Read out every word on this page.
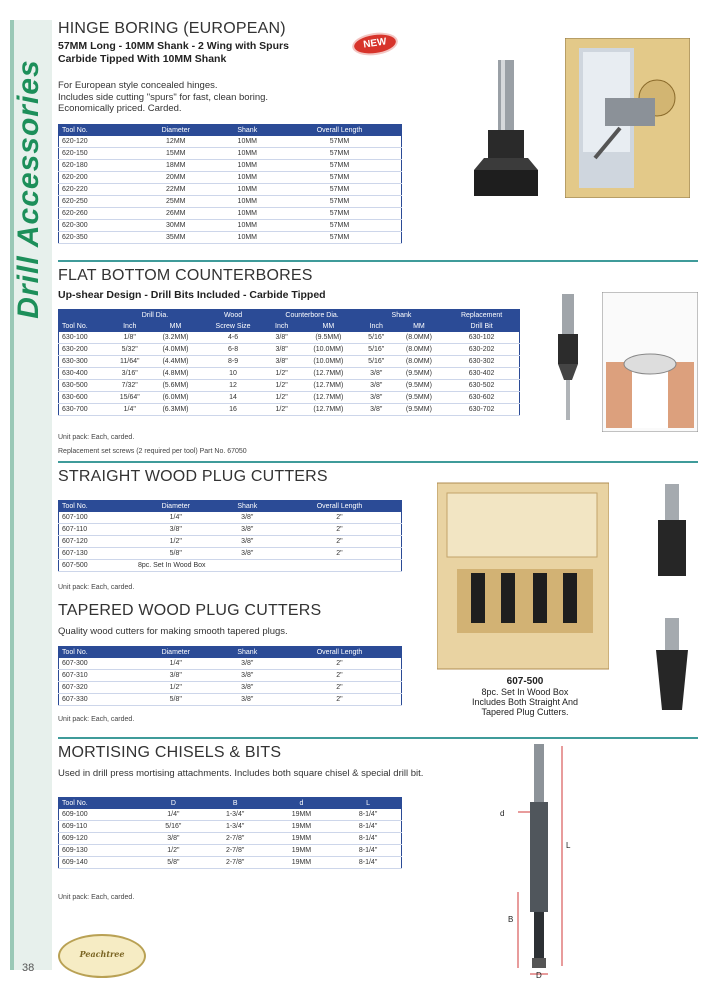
Drill Accessories
38
Peachtree
HINGE BORING (EUROPEAN)
NEW
57MM Long - 10MM Shank - 2 Wing with Spurs
Carbide Tipped With 10MM Shank
For European style concealed hinges.
Includes side cutting "spurs" for fast, clean boring.
Economically priced. Carded.
Tool No.	Diameter	Shank	Overall Length
620-120	12MM	10MM	57MM
620-150	15MM	10MM	57MM
620-180	18MM	10MM	57MM
620-200	20MM	10MM	57MM
620-220	22MM	10MM	57MM
620-250	25MM	10MM	57MM
620-260	26MM	10MM	57MM
620-300	30MM	10MM	57MM
620-350	35MM	10MM	57MM
FLAT BOTTOM COUNTERBORES
Up-shear Design - Drill Bits Included - Carbide Tipped
	Drill Dia.		Wood	Counterbore Dia.		Shank		Replacement
Tool No.	Inch	MM	Screw Size	Inch	MM	Inch	MM	Drill Bit
630-100	1/8"	(3.2MM)	4-6	3/8"	(9.5MM)	5/16"	(8.0MM)	630-102
630-200	5/32"	(4.0MM)	6-8	3/8"	(10.0MM)	5/16"	(8.0MM)	630-202
630-300	11/64"	(4.4MM)	8-9	3/8"	(10.0MM)	5/16"	(8.0MM)	630-302
630-400	3/16"	(4.8MM)	10	1/2"	(12.7MM)	3/8"	(9.5MM)	630-402
630-500	7/32"	(5.6MM)	12	1/2"	(12.7MM)	3/8"	(9.5MM)	630-502
630-600	15/64"	(6.0MM)	14	1/2"	(12.7MM)	3/8"	(9.5MM)	630-602
630-700	1/4"	(6.3MM)	16	1/2"	(12.7MM)	3/8"	(9.5MM)	630-702
Unit pack: Each, carded.
Replacement set screws (2 required per tool) Part No. 67050
STRAIGHT WOOD PLUG CUTTERS
Tool No.	Diameter	Shank	Overall Length
607-100	1/4"	3/8"	2"
607-110	3/8"	3/8"	2"
607-120	1/2"	3/8"	2"
607-130	5/8"	3/8"	2"
607-500	8pc. Set In Wood Box		
Unit pack: Each, carded.
TAPERED WOOD PLUG CUTTERS
Quality wood cutters for making smooth tapered plugs.
Tool No.	Diameter	Shank	Overall Length
607-300	1/4"	3/8"	2"
607-310	3/8"	3/8"	2"
607-320	1/2"	3/8"	2"
607-330	5/8"	3/8"	2"
Unit pack: Each, carded.
607-500
8pc. Set In Wood Box
Includes Both Straight And
Tapered Plug Cutters.
MORTISING CHISELS & BITS
Used in drill press mortising attachments. Includes both square chisel & special drill bit.
Tool No.	D	B	d	L
609-100	1/4"	1-3/4"	19MM	8-1/4"
609-110	5/16"	1-3/4"	19MM	8-1/4"
609-120	3/8"	2-7/8"	19MM	8-1/4"
609-130	1/2"	2-7/8"	19MM	8-1/4"
609-140	5/8"	2-7/8"	19MM	8-1/4"
Unit pack: Each, carded.
d
L
B
D
